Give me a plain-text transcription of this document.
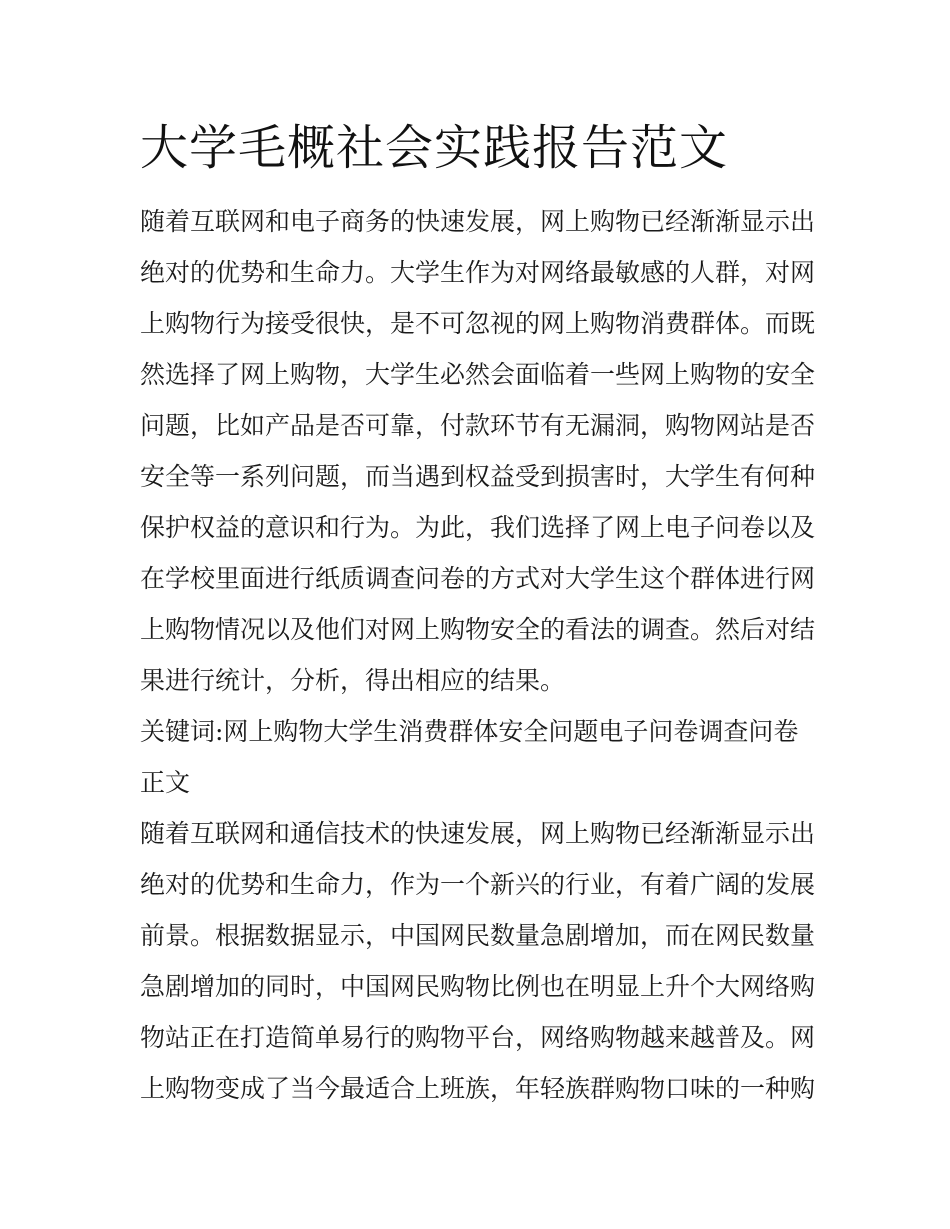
大学毛概社会实践报告范文

随着互联网和电子商务的快速发展，网上购物已经渐渐显示出

绝对的优势和生命力。大学生作为对网络最敏感的人群，对网

上购物行为接受很快，是不可忽视的网上购物消费群体。而既

然选择了网上购物，大学生必然会面临着一些网上购物的安全

问题，比如产品是否可靠，付款环节有无漏洞，购物网站是否

安全等一系列问题，而当遇到权益受到损害时，大学生有何种

保护权益的意识和行为。为此，我们选择了网上电子问卷以及

在学校里面进行纸质调查问卷的方式对大学生这个群体进行网

上购物情况以及他们对网上购物安全的看法的调查。然后对结

果进行统计，分析，得出相应的结果。

关键词:网上购物大学生消费群体安全问题电子问卷调查问卷

正文

随着互联网和通信技术的快速发展，网上购物已经渐渐显示出

绝对的优势和生命力，作为一个新兴的行业，有着广阔的发展

前景。根据数据显示，中国网民数量急剧增加，而在网民数量

急剧增加的同时，中国网民购物比例也在明显上升个大网络购

物站正在打造简单易行的购物平台，网络购物越来越普及。网

上购物变成了当今最适合上班族，年轻族群购物口味的一种购
